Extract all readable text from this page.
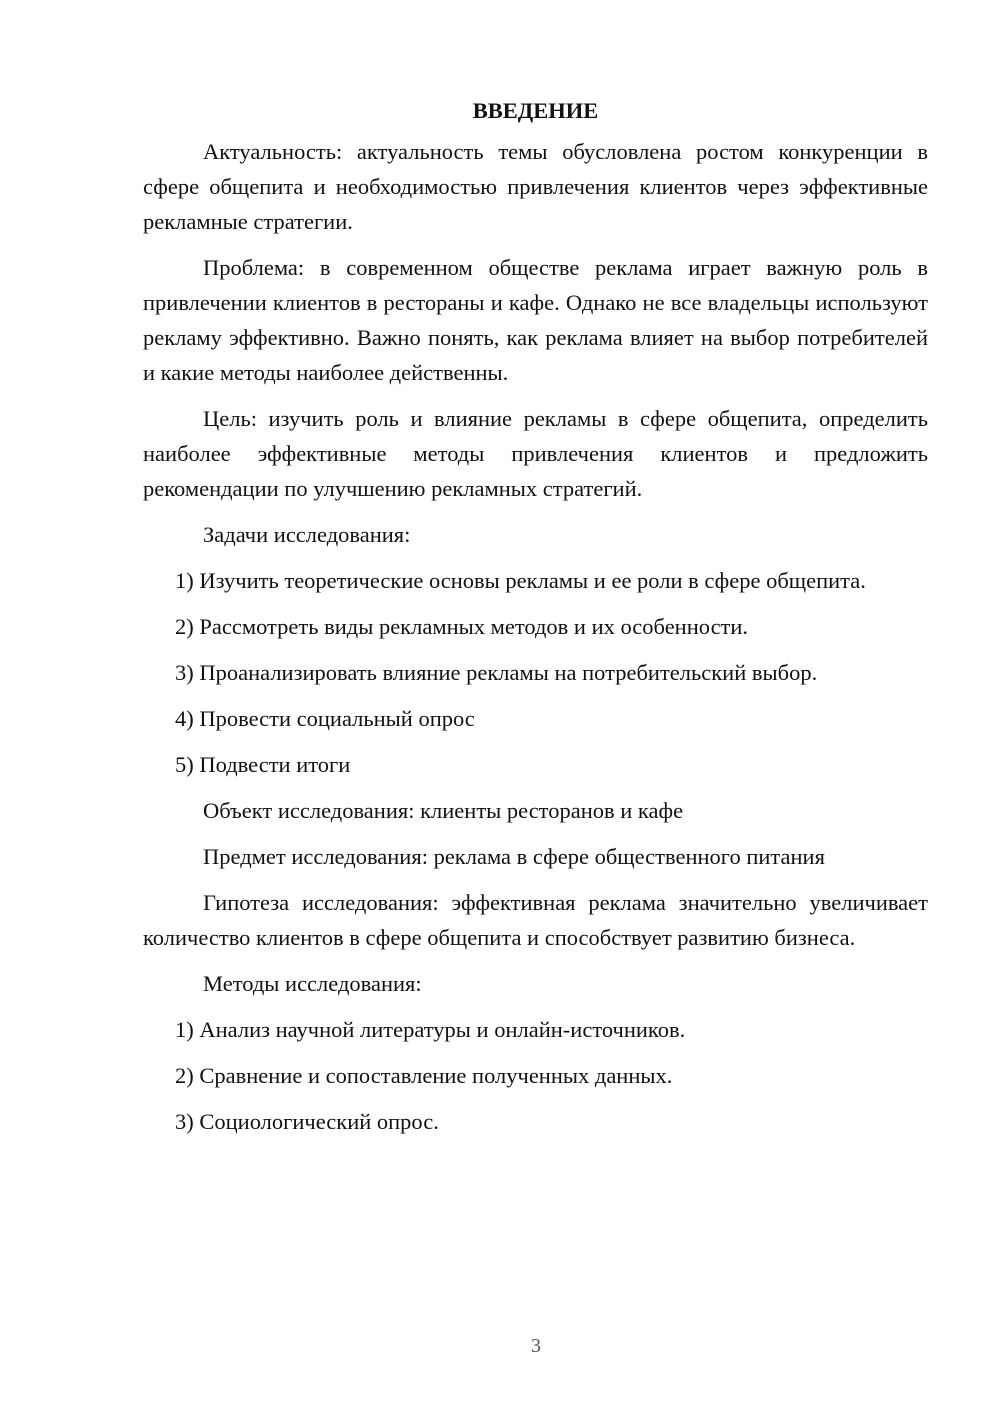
ВВЕДЕНИЕ

Актуальность: актуальность темы обусловлена ростом конкуренции в сфере общепита и необходимостью привлечения клиентов через эффективные рекламные стратегии.

Проблема: в современном обществе реклама играет важную роль в привлечении клиентов в рестораны и кафе. Однако не все владельцы используют рекламу эффективно. Важно понять, как реклама влияет на выбор потребителей и какие методы наиболее действенны.

Цель: изучить роль и влияние рекламы в сфере общепита, определить наиболее эффективные методы привлечения клиентов и предложить рекомендации по улучшению рекламных стратегий.

Задачи исследования:

1) Изучить теоретические основы рекламы и ее роли в сфере общепита.

2) Рассмотреть виды рекламных методов и их особенности.

3) Проанализировать влияние рекламы на потребительский выбор.

4) Провести социальный опрос

5) Подвести итоги

Объект исследования: клиенты ресторанов и кафе

Предмет исследования: реклама в сфере общественного питания

Гипотеза исследования: эффективная реклама значительно увеличивает количество клиентов в сфере общепита и способствует развитию бизнеса.

Методы исследования:

1) Анализ научной литературы и онлайн-источников.

2) Сравнение и сопоставление полученных данных.

3) Социологический опрос.

3
